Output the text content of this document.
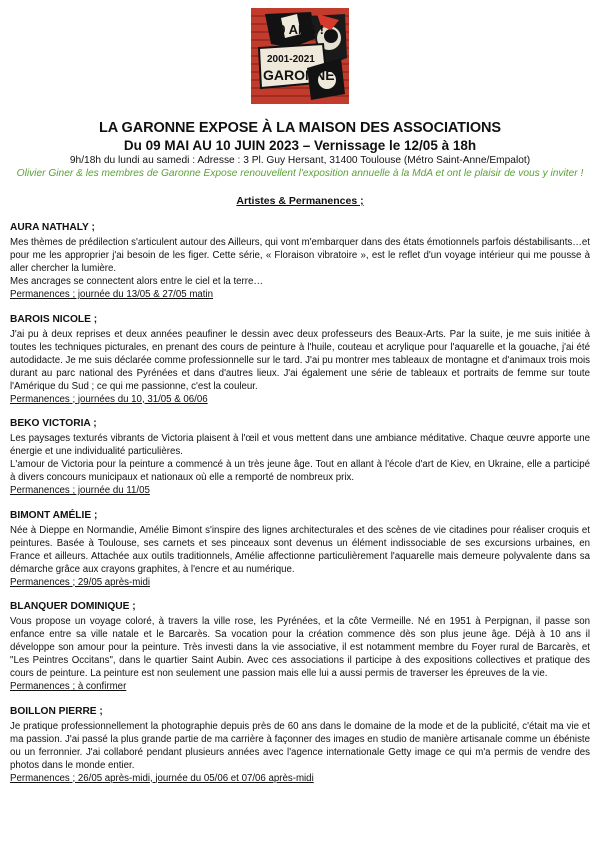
20 ANS !
2001-2021
GARONNE
LA GARONNE EXPOSE À LA MAISON DES ASSOCIATIONS
Du 09 MAI AU 10 JUIN 2023 – Vernissage le 12/05 à 18h
9h/18h du lundi au samedi : Adresse : 3 Pl. Guy Hersant, 31400 Toulouse (Métro Saint-Anne/Empalot)
Olivier Giner & les membres de Garonne Expose renouvellent l'exposition annuelle à la MdA et ont le plaisir de vous y inviter !
Artistes & Permanences ;
AURA NATHALY ;

Mes thèmes de prédilection s'articulent autour des Ailleurs, qui vont m'embarquer dans des états émotionnels parfois déstabilisants…et pour me les approprier j'ai besoin de les figer. Cette série, « Floraison vibratoire », est le reflet d'un voyage intérieur qui me pousse à aller chercher la lumière.

Mes ancrages se connectent alors entre le ciel et la terre…

Permanences ; journée du 13/05 & 27/05 matin
BAROIS NICOLE ;

J'ai pu à deux reprises et deux années peaufiner le dessin avec deux professeurs des Beaux-Arts. Par la suite, je me suis initiée à toutes les techniques picturales, en prenant des cours de peinture à l'huile, couteau et acrylique pour l'aquarelle et la gouache, j'ai été autodidacte. Je me suis déclarée comme professionnelle sur le tard. J'ai pu montrer mes tableaux de montagne et d'animaux trois mois durant au parc national des Pyrénées et dans d'autres lieux. J'ai également une série de tableaux et portraits de femme sur toute l'Amérique du Sud ; ce qui me passionne, c'est la couleur.

Permanences ; journées du 10, 31/05 & 06/06
BEKO VICTORIA ;

Les paysages texturés vibrants de Victoria plaisent à l'œil et vous mettent dans une ambiance méditative. Chaque œuvre apporte une énergie et une individualité particulières.

L'amour de Victoria pour la peinture a commencé à un très jeune âge. Tout en allant à l'école d'art de Kiev, en Ukraine, elle a participé à divers concours municipaux et nationaux où elle a remporté de nombreux prix.

Permanences ; journée du 11/05
BIMONT AMÉLIE ;

Née à Dieppe en Normandie, Amélie Bimont s'inspire des lignes architecturales et des scènes de vie citadines pour réaliser croquis et peintures. Basée à Toulouse, ses carnets et ses pinceaux sont devenus un élément indissociable de ses excursions urbaines, en France et ailleurs. Attachée aux outils traditionnels, Amélie affectionne particulièrement l'aquarelle mais demeure polyvalente dans sa démarche grâce aux crayons graphites, à l'encre et au numérique.

Permanences ; 29/05 après-midi
BLANQUER DOMINIQUE ;

Vous propose un voyage coloré, à travers la ville rose, les Pyrénées, et la côte Vermeille. Né en 1951 à Perpignan, il passe son enfance entre sa ville natale et le Barcarès. Sa vocation pour la création commence dès son plus jeune âge. Déjà à 10 ans il développe son amour pour la peinture. Très investi dans la vie associative, il est notamment membre du Foyer rural de Barcarès, et "Les Peintres Occitans", dans le quartier Saint Aubin. Avec ces associations il participe à des expositions collectives et pratique des cours de peinture. La peinture est non seulement une passion mais elle lui a aussi permis de traverser les épreuves de la vie.

Permanences ; à confirmer
BOILLON PIERRE ;

Je pratique professionnellement la photographie depuis près de 60 ans dans le domaine de la mode et de la publicité, c'était ma vie et ma passion. J'ai passé la plus grande partie de ma carrière à façonner des images en studio de manière artisanale comme un ébéniste ou un ferronnier. J'ai collaboré pendant plusieurs années avec l'agence internationale Getty image ce qui m'a permis de vendre des photos dans le monde entier.

Permanences ; 26/05 après-midi, journée du 05/06 et 07/06 après-midi
